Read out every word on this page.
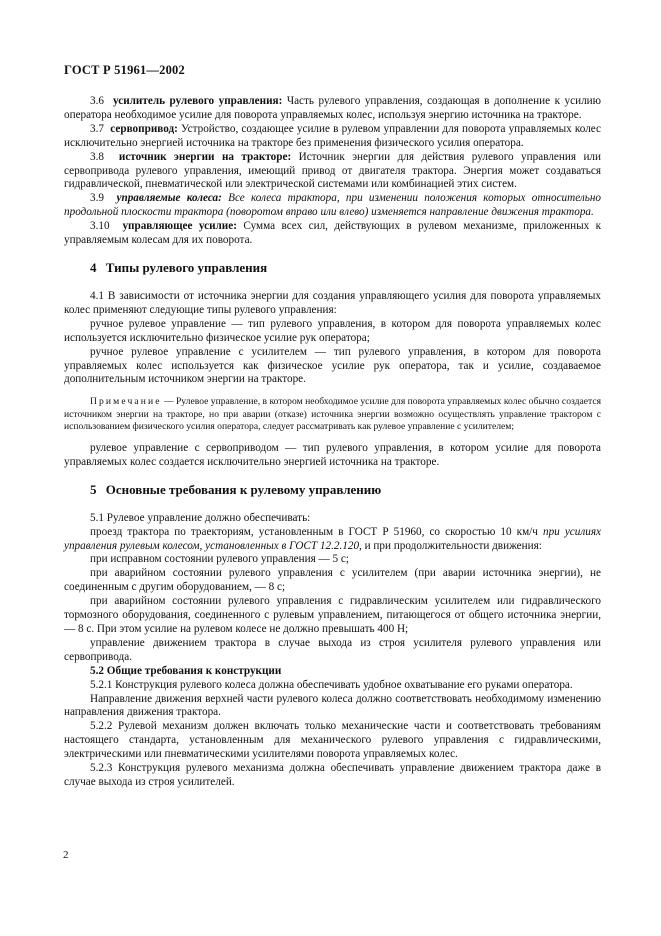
ГОСТ Р 51961—2002

3.6 усилитель рулевого управления: Часть рулевого управления, создающая в дополнение к усилию оператора необходимое усилие для поворота управляемых колес, используя энергию источника на тракторе.

3.7 сервопривод: Устройство, создающее усилие в рулевом управлении для поворота управляемых колес исключительно энергией источника на тракторе без применения физического усилия оператора.

3.8 источник энергии на тракторе: Источник энергии для действия рулевого управления или сервопривода рулевого управления, имеющий привод от двигателя трактора. Энергия может создаваться гидравлической, пневматической или электрической системами или комбинацией этих систем.

3.9 управляемые колеса: Все колеса трактора, при изменении положения которых относительно продольной плоскости трактора (поворотом вправо или влево) изменяется направление движения трактора.

3.10 управляющее усилие: Сумма всех сил, действующих в рулевом механизме, приложенных к управляемым колесам для их поворота.

4 Типы рулевого управления

4.1 В зависимости от источника энергии для создания управляющего усилия для поворота управляемых колес применяют следующие типы рулевого управления:

ручное рулевое управление — тип рулевого управления, в котором для поворота управляемых колес используется исключительно физическое усилие рук оператора;

ручное рулевое управление с усилителем — тип рулевого управления, в котором для поворота управляемых колес используется как физическое усилие рук оператора, так и усилие, создаваемое дополнительным источником энергии на тракторе.

Примечание — Рулевое управление, в котором необходимое усилие для поворота управляемых колес обычно создается источником энергии на тракторе, но при аварии (отказе) источника энергии возможно осуществлять управление трактором с использованием физического усилия оператора, следует рассматривать как рулевое управление с усилителем;

рулевое управление с сервоприводом — тип рулевого управления, в котором усилие для поворота управляемых колес создается исключительно энергией источника на тракторе.

5 Основные требования к рулевому управлению

5.1 Рулевое управление должно обеспечивать:

проезд трактора по траекториям, установленным в ГОСТ Р 51960, со скоростью 10 км/ч при усилиях управления рулевым колесом, установленных в ГОСТ 12.2.120, и при продолжительности движения:

при исправном состоянии рулевого управления — 5 с;

при аварийном состоянии рулевого управления с усилителем (при аварии источника энергии), не соединенным с другим оборудованием, — 8 с;

при аварийном состоянии рулевого управления с гидравлическим усилителем или гидравлического тормозного оборудования, соединенного с рулевым управлением, питающегося от общего источника энергии, — 8 с. При этом усилие на рулевом колесе не должно превышать 400 Н;

управление движением трактора в случае выхода из строя усилителя рулевого управления или сервопривода.

5.2 Общие требования к конструкции

5.2.1 Конструкция рулевого колеса должна обеспечивать удобное охватывание его руками оператора.

Направление движения верхней части рулевого колеса должно соответствовать необходимому изменению направления движения трактора.

5.2.2 Рулевой механизм должен включать только механические части и соответствовать требованиям настоящего стандарта, установленным для механического рулевого управления с гидравлическими, электрическими или пневматическими усилителями поворота управляемых колес.

5.2.3 Конструкция рулевого механизма должна обеспечивать управление движением трактора даже в случае выхода из строя усилителей.

2
